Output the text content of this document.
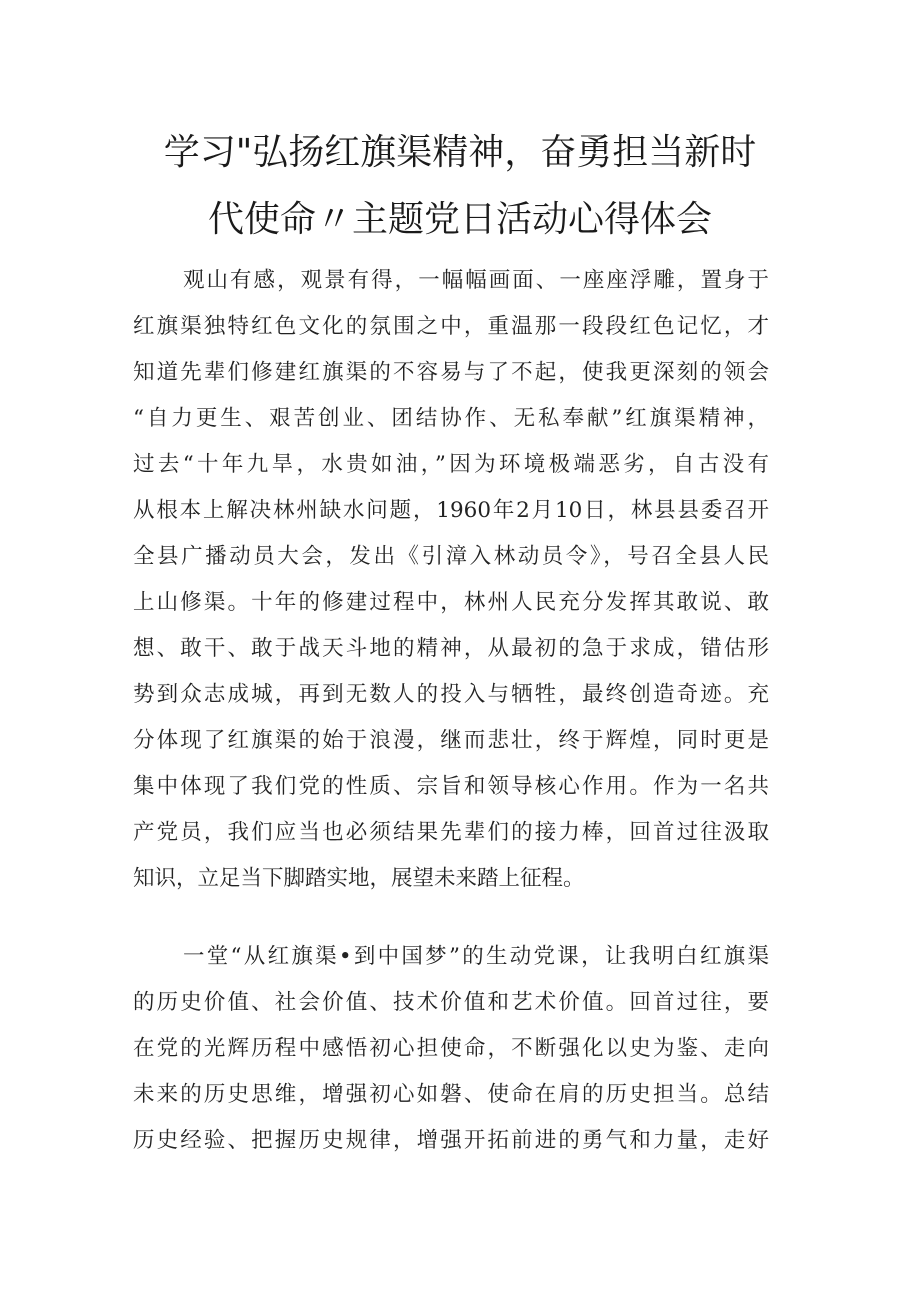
学习"弘扬红旗渠精神，奋勇担当新时
代使命〃主题党日活动心得体会
观山有感，观景有得，一幅幅画面、一座座浮雕，置身于
红旗渠独特红色文化的氛围之中，重温那一段段红色记忆，才
知道先辈们修建红旗渠的不容易与了不起，使我更深刻的领会
“自力更生、艰苦创业、团结协作、无私奉献”红旗渠精神，
过去“十年九旱，水贵如油，”因为环境极端恶劣，自古没有
从根本上解决林州缺水问题，1960年2月10日，林县县委召开
全县广播动员大会，发出《引漳入林动员令》，号召全县人民
上山修渠。十年的修建过程中，林州人民充分发挥其敢说、敢
想、敢干、敢于战天斗地的精神，从最初的急于求成，错估形
势到众志成城，再到无数人的投入与牺牲，最终创造奇迹。充
分体现了红旗渠的始于浪漫，继而悲壮，终于辉煌，同时更是
集中体现了我们党的性质、宗旨和领导核心作用。作为一名共
产党员，我们应当也必须结果先辈们的接力棒，回首过往汲取
知识，立足当下脚踏实地，展望未来踏上征程。
一堂“从红旗渠•到中国梦”的生动党课，让我明白红旗渠
的历史价值、社会价值、技术价值和艺术价值。回首过往，要
在党的光辉历程中感悟初心担使命，不断强化以史为鉴、走向
未来的历史思维，增强初心如磐、使命在肩的历史担当。总结
历史经验、把握历史规律，增强开拓前进的勇气和力量，走好
